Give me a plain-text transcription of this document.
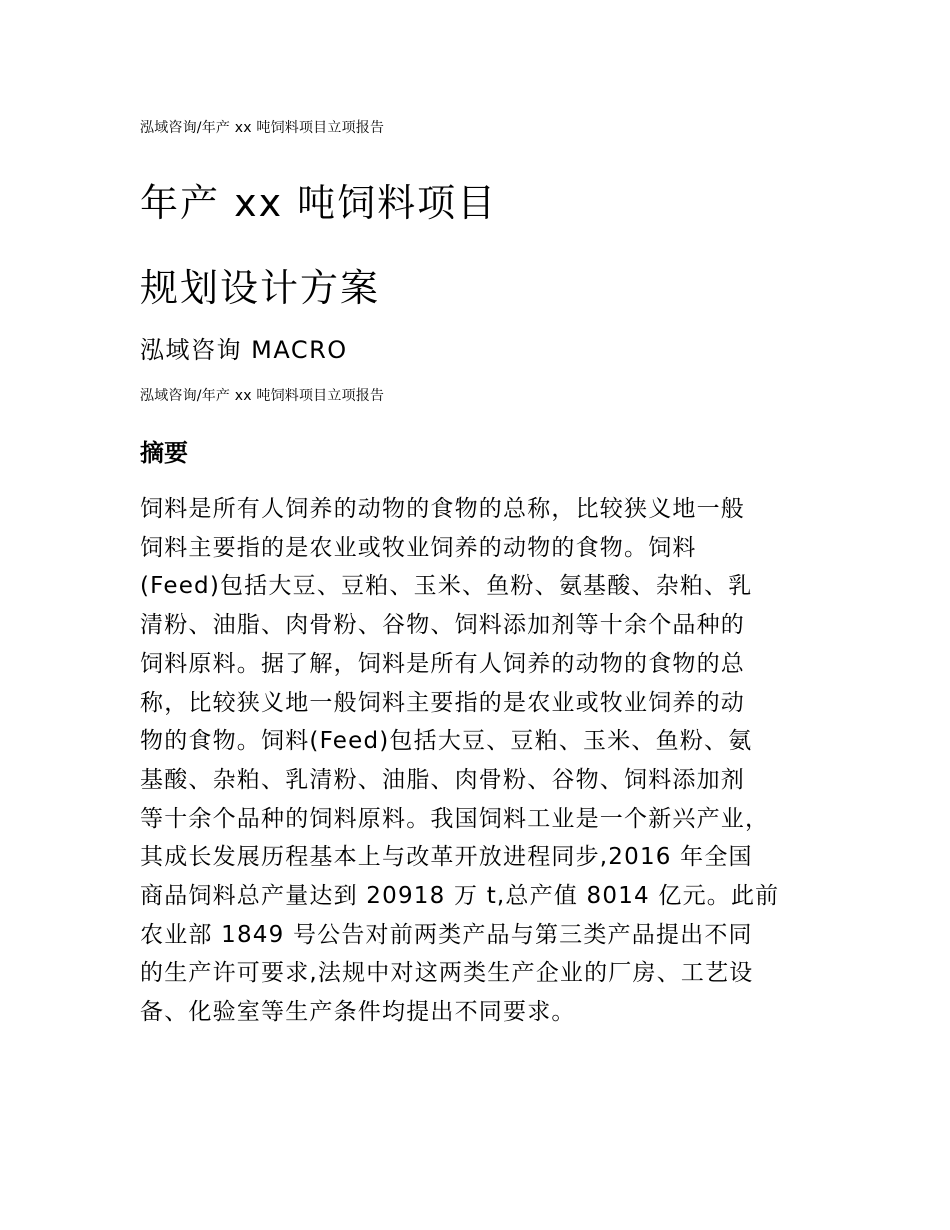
泓域咨询/年产 xx 吨饲料项目立项报告

年产 xx 吨饲料项目
规划设计方案

泓域咨询 MACRO

泓域咨询/年产 xx 吨饲料项目立项报告

摘要
饲料是所有人饲养的动物的食物的总称，比较狭义地一般
饲料主要指的是农业或牧业饲养的动物的食物。饲料
(Feed)包括大豆、豆粕、玉米、鱼粉、氨基酸、杂粕、乳
清粉、油脂、肉骨粉、谷物、饲料添加剂等十余个品种的
饲料原料。据了解，饲料是所有人饲养的动物的食物的总
称，比较狭义地一般饲料主要指的是农业或牧业饲养的动
物的食物。饲料(Feed)包括大豆、豆粕、玉米、鱼粉、氨
基酸、杂粕、乳清粉、油脂、肉骨粉、谷物、饲料添加剂
等十余个品种的饲料原料。我国饲料工业是一个新兴产业，
其成长发展历程基本上与改革开放进程同步,2016 年全国
商品饲料总产量达到 20918 万 t,总产值 8014 亿元。此前
农业部 1849 号公告对前两类产品与第三类产品提出不同
的生产许可要求,法规中对这两类生产企业的厂房、工艺设
备、化验室等生产条件均提出不同要求。
